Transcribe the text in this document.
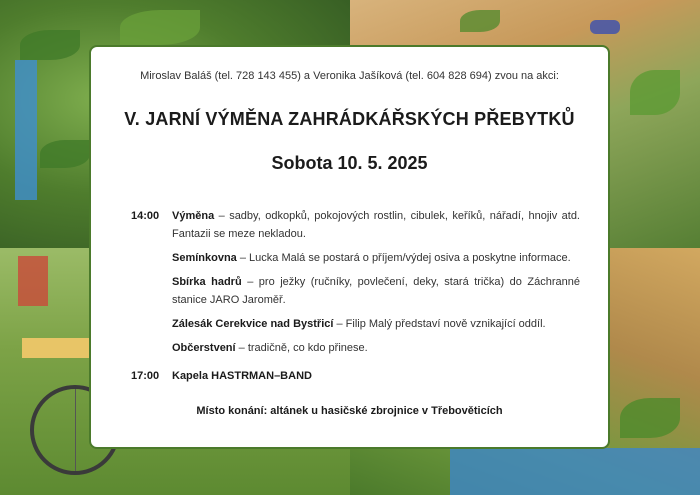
Miroslav Baláš (tel. 728 143 455) a Veronika Jašíková (tel. 604 828 694) zvou na akci:
V. JARNÍ VÝMĚNA ZAHRÁDKÁŘSKÝCH PŘEBYTKŮ
Sobota 10. 5. 2025
14:00 Výměna – sadby, odkopků, pokojových rostlin, cibulek, keříků, nářadí, hnojiv atd. Fantazii se meze nekladou.
Semínkovna – Lucka Malá se postará o příjem/výdej osiva a poskytne informace.
Sbírka hadrů – pro ježky (ručníky, povlečení, deky, stará trička) do Záchranné stanice JARO Jaroměř.
Zálesák Cerekvice nad Bystřicí – Filip Malý představí nově vznikající oddíl.
Občerstvení – tradičně, co kdo přinese.
17:00 Kapela HASTRMAN–BAND
Místo konání: altánek u hasičské zbrojnice v Třebověticích
